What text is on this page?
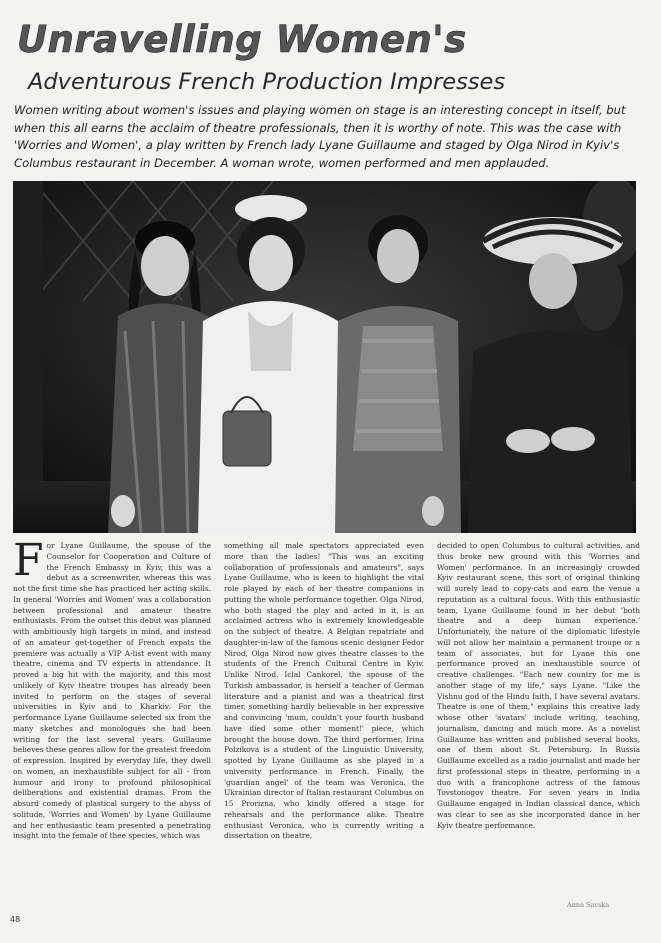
Unravelling Women's
Adventurous French Production Impresses

Women writing about women's issues and playing women on stage is an interesting concept in itself, but when this all earns the acclaim of theatre professionals, then it is worthy of note. This was the case with 'Worries and Women', a play written by French lady Lyane Guillaume and staged by Olga Nirod in Kyiv's Columbus restaurant in December. A woman wrote, women performed and men applauded.

For Lyane Guillaume, the spouse of the Counselor for Cooperation and Culture of the French Embassy in Kyiv, this was a debut as a screenwriter, whereas this was not the first time she has practiced her acting skills. In general 'Worries and Women' was a collaboration between professional and amateur theatre enthusiasts. From the outset this debut was planned with ambitiously high targets in mind, and instead of an amateur get-together of French expats the premiere was actually a VIP A-list event with many theatre, cinema and TV experts in attendance. It proved a big hit with the majority, and this most unlikely of Kyiv theatre troupes has already been invited to perform on the stages of several universities in Kyiv and to Kharkiv. For the performance Lyane Guillaume selected six from the many sketches and monologues she had been writing for the last several years. Guillaume believes these genres allow for the greatest freedom of expression. Inspired by everyday life, they dwell on women, an inexhaustible subject for all - from humour and irony to profound philosophical deliberations and existential dramas. From the absurd comedy of plastical surgery to the abyss of solitude, 'Worries and Women' by Lyane Guillaume and her enthusiastic team presented a penetrating insight into the female of thee species, which was
something all male spectators appreciated even more than the ladies! "This was an exciting collaboration of professionals and amateurs", says Lyane Guillaume, who is keen to highlight the vital role played by each of her theatre companions in putting the whole performance together. Olga Nirod, who both staged the play and acted in it, is an acclaimed actress who is extremely knowledgeable on the subject of theatre. A Belgian repatriate and daughter-in-law of the famous scenic designer Fedor Nirod, Olga Nirod now gives theatre classes to the students of the French Cultural Centre in Kyiv. Unlike Nirod, Iclal Cankorel, the spouse of the Turkish ambassador, is herself a teacher of German literature and a pianist and was a theatrical first timer, something hardly believable in her expressive and convincing 'mum, couldn't your fourth husband have died some other moment!' piece, which brought the house down. The third performer, Irina Polzikova is a student of the Linguistic University, spotted by Lyane Guillaume as she played in a university performance in French. Finally, the 'guardian angel' of the team was Veronica, the Ukrainian director of Italian restaurant Columbus on 15 Prorizna, who kindly offered a stage for rehearsals and the performance alike. Theatre enthusiast Veronica, who is currently writing a dissertation on theatre,
decided to open Columbus to cultural activities, and thus broke new ground with this 'Worries and Women' performance. In an increasingly crowded Kyiv restaurant scene, this sort of original thinking will surely lead to copy-cats and earn the venue a reputation as a cultural focus. With this enthusiastic team, Lyane Guillaume found in her debut 'both theatre and a deep human experience.' Unfortunately, the nature of the diplomatic lifestyle will not allow her maintain a permanent troupe or a team of associates, but for Lyane this one performance proved an inexhaustible source of creative challenges. "Each new country for me is another stage of my life," says Lyane. "Like the Vishnu god of the Hindu faith, I have several avatars. Theatre is one of them," explains this creative lady whose other 'avatars' include writing, teaching, journalism, dancing and much more. As a novelist Guillaume has written and published several books, one of them about St. Petersburg. In Russia Guillaume excelled as a radio journalist and made her first professional steps in theatre, performing in a duo with a francophone actress of the famous Tovstonogov theatre. For seven years in India Guillaume engaged in Indian classical dance, which was clear to see as she incorporated dance in her Kyiv theatre performance.

Anna Savska

48
